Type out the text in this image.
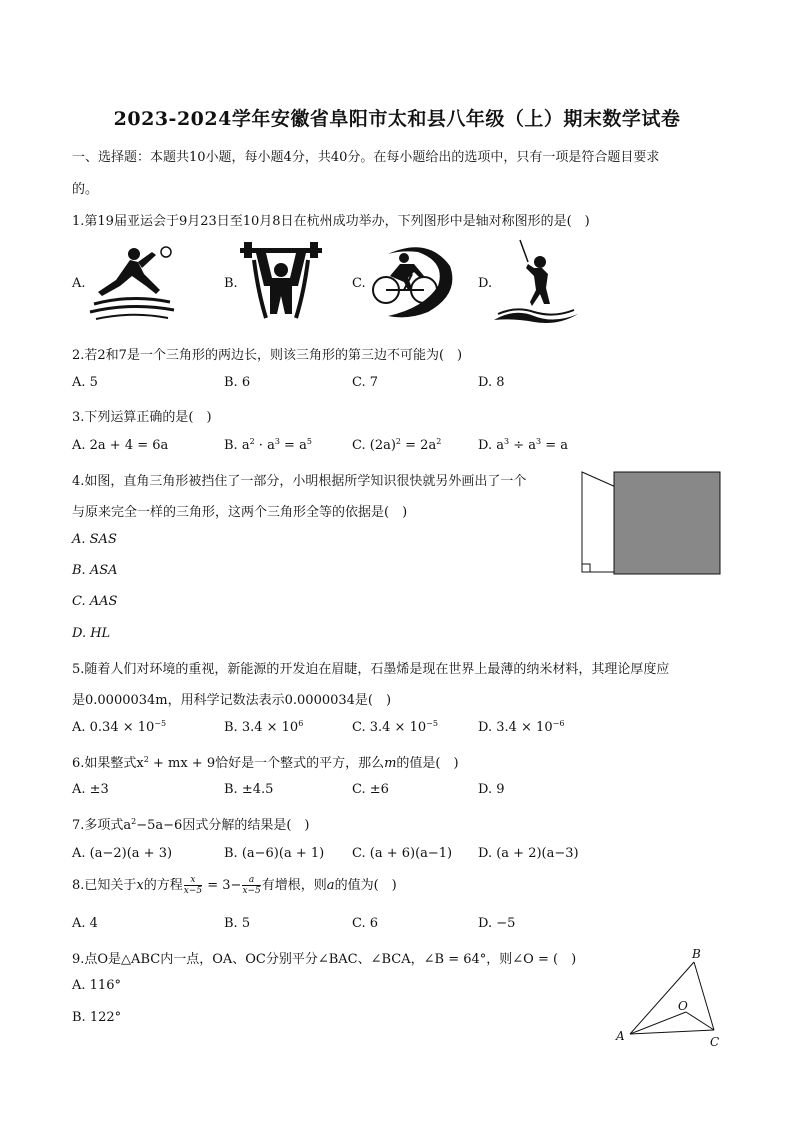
2023-2024学年安徽省阜阳市太和县八年级（上）期末数学试卷
一、选择题：本题共10小题，每小题4分，共40分。在每小题给出的选项中，只有一项是符合题目要求
的。
1.第19届亚运会于9月23日至10月8日在杭州成功举办，下列图形中是轴对称图形的是(　)
A.	B.	C.	D.
2.若2和7是一个三角形的两边长，则该三角形的第三边不可能为(　)
A. 5	B. 6	C. 7	D. 8
3.下列运算正确的是(　)
A. 2a + 4 = 6a	B. $a^2 \cdot a^3 = a^5$	C. $(2a)^2 = 2a^2$	D. $a^3 \div a^3 = a$
4.如图，直角三角形被挡住了一部分，小明根据所学知识很快就另外画出了一个
与原来完全一样的三角形，这两个三角形全等的依据是(　)
A. SAS
B. ASA
C. AAS
D. HL
5.随着人们对环境的重视，新能源的开发迫在眉睫，石墨烯是现在世界上最薄的纳米材料，其理论厚度应
是0.0000034m，用科学记数法表示0.0000034是(　)
A. $0.34 \times 10^{-5}$	B. $3.4 \times 10^6$	C. $3.4 \times 10^{-5}$	D. $3.4 \times 10^{-6}$
6.如果整式$x^2$ + mx + 9恰好是一个整式的平方，那么m的值是(　)
A. ±3	B. ±4.5	C. ±6	D. 9
7.多项式$a^2-5a-6$因式分解的结果是(　)
A. (a−2)(a + 3)	B. (a−6)(a + 1) C. (a + 6)(a−1) D. (a + 2)(a−3)
8.已知关于x的方程 $\frac{x}{x-5} = 3- \frac{a}{x-5}$ 有增根，则a的值为(　)
A. 4	B. 5	C. 6	D. −5
9.点O是△ABC内一点，OA、OC分别平分∠BAC、∠BCA，∠B = 64°，则∠O = (　)
A. 116°
B. 122°
B
O
A	C
